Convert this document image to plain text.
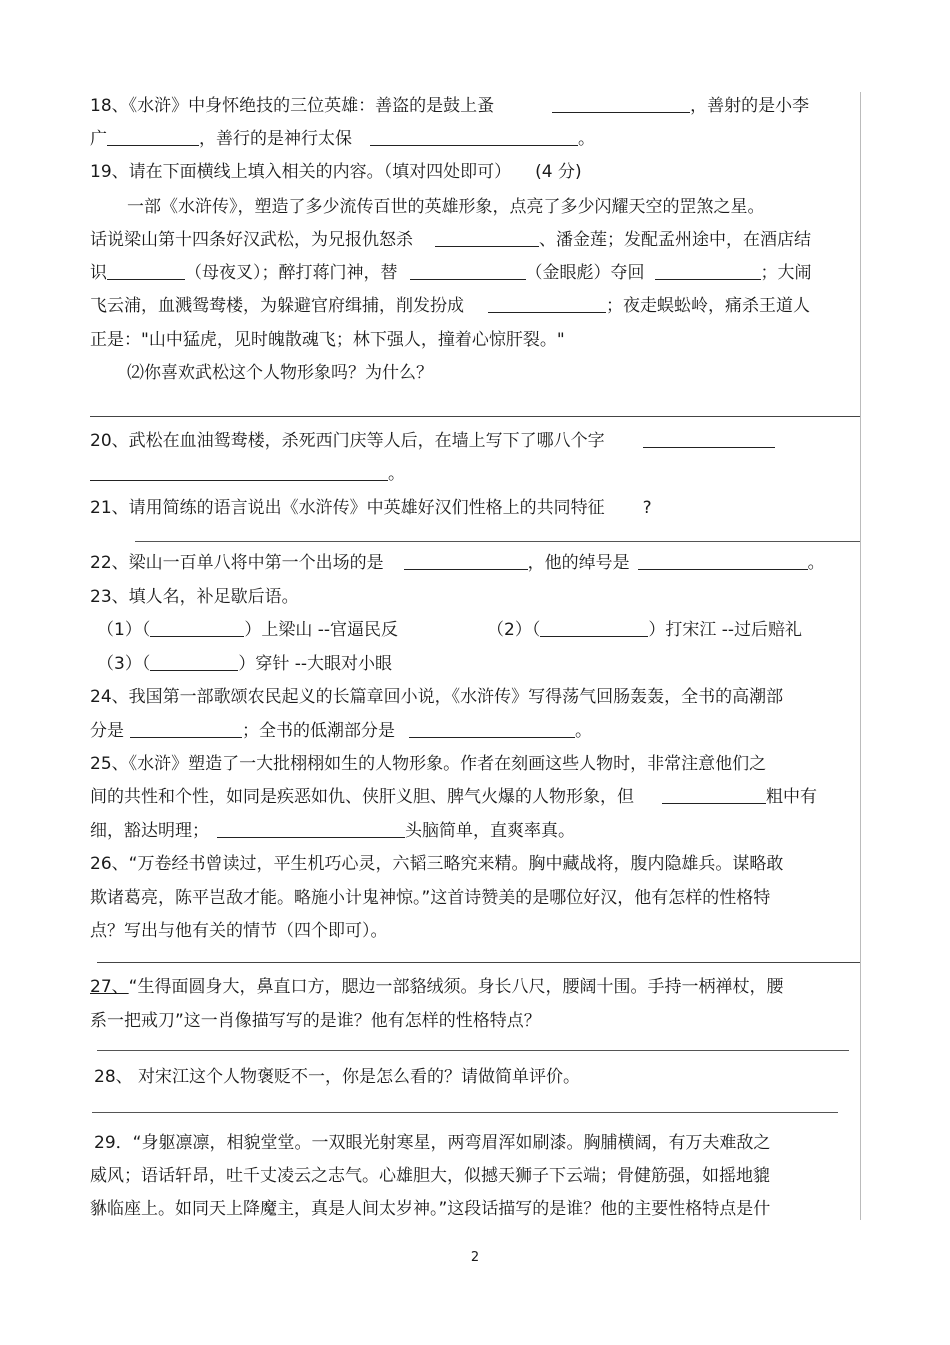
18、《水浒》中身怀绝技的三位英雄：善盗的是鼓上蚤	，善射的是小李
广	，善行的是神行太保	。
19、请在下面横线上填入相关的内容。（填对四处即可） (4 分)
一部《水浒传》，塑造了多少流传百世的英雄形象，点亮了多少闪耀天空的罡煞之星。
话说梁山第十四条好汉武松，为兄报仇怒杀	、潘金莲；发配孟州途中，在酒店结
识	（母夜叉）；醉打蒋门神，替	（金眼彪）夺回	；大闹
飞云浦，血溅鸳鸯楼，为躲避官府缉捕，削发扮成	；夜走蜈蚣岭，痛杀王道人
正是："山中猛虎，见时魄散魂飞；林下强人，撞着心惊肝裂。"
⑵你喜欢武松这个人物形象吗？为什么？
20、武松在血油鸳鸯楼，杀死西门庆等人后，在墙上写下了哪八个字
。
21、请用简练的语言说出《水浒传》中英雄好汉们性格上的共同特征 ?
22、梁山一百单八将中第一个出场的是	，他的绰号是	。
23、填人名，补足歇后语。
（1）（	）上梁山 --官逼民反	（2）（	）打宋江 --过后赔礼
（3）（	）穿针 --大眼对小眼
24、我国第一部歌颂农民起义的长篇章回小说，《水浒传》写得荡气回肠轰轰，全书的高潮部
分是	；全书的低潮部分是	。
25、《水浒》塑造了一大批栩栩如生的人物形象。作者在刻画这些人物时，非常注意他们之
间的共性和个性，如同是疾恶如仇、侠肝义胆、脾气火爆的人物形象，但	粗中有
细，豁达明理；	头脑简单，直爽率真。
26、“万卷经书曾读过，平生机巧心灵，六韬三略究来精。胸中藏战将，腹内隐雄兵。谋略敢
欺诸葛亮，陈平岂敌才能。略施小计鬼神惊。”这首诗赞美的是哪位好汉，他有怎样的性格特
点？写出与他有关的情节（四个即可）。
27、“生得面圆身大，鼻直口方，腮边一部貉绒须。身长八尺，腰阔十围。手持一柄禅杖，腰
系一把戒刀”这一肖像描写写的是谁？他有怎样的性格特点？
28、 对宋江这个人物褒贬不一，你是怎么看的？请做简单评价。
29．“身躯凛凛，相貌堂堂。一双眼光射寒星，两弯眉浑如刷漆。胸脯横阔，有万夫难敌之
威风；语话轩昂，吐千丈凌云之志气。心雄胆大，似撼天狮子下云端；骨健筋强，如摇地貔
貅临座上。如同天上降魔主，真是人间太岁神。”这段话描写的是谁？他的主要性格特点是什
2
